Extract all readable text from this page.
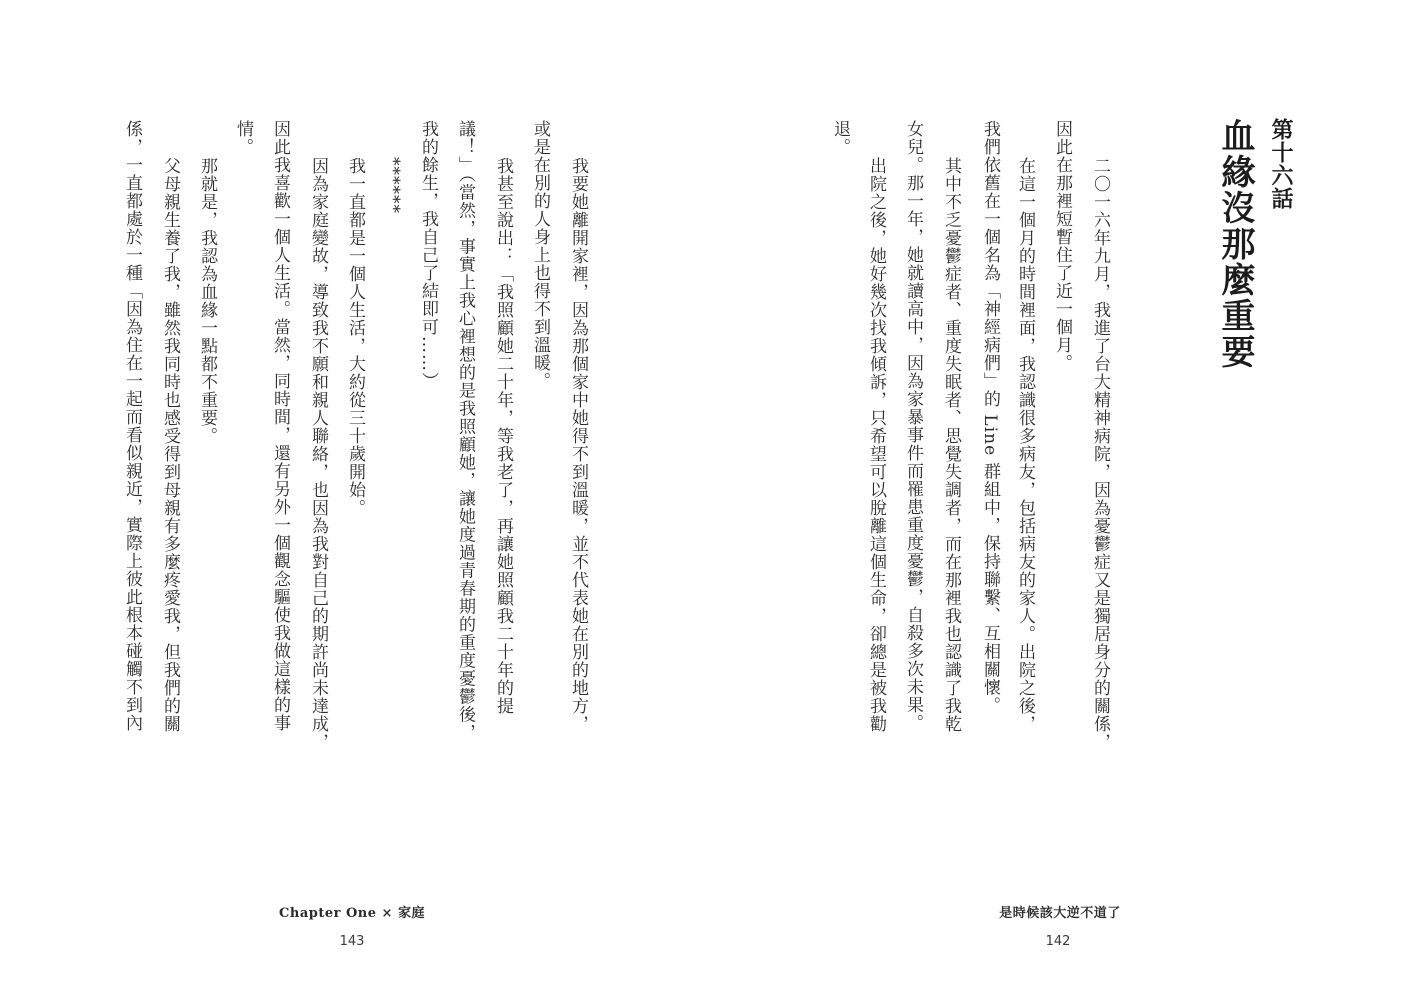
我要她離開家裡，因為那個家中她得不到溫暖，並不代表她在別的地方，
或是在別的人身上也得不到溫暖。
我甚至說出：「我照顧她二十年，等我老了，再讓她照顧我二十年的提
議！」（當然，事實上我心裡想的是我照顧她，讓她度過青春期的重度憂鬱後，
我的餘生，我自己了結即可……）
******
我一直都是一個人生活，大約從三十歲開始。
因為家庭變故，導致我不願和親人聯絡，也因為我對自己的期許尚未達成，
因此我喜歡一個人生活。當然，同時間，還有另外一個觀念驅使我做這樣的事
情。
那就是，我認為血緣一點都不重要。
父母親生養了我，雖然我同時也感受得到母親有多麼疼愛我，但我們的關
係，一直都處於一種「因為住在一起而看似親近，實際上彼此根本碰觸不到內
Chapter One × 家庭
143
第十六話
血緣沒那麼重要
二〇一六年九月，我進了台大精神病院，因為憂鬱症又是獨居身分的關係，
因此在那裡短暫住了近一個月。
在這一個月的時間裡面，我認識很多病友，包括病友的家人。出院之後，
我們依舊在一個名為「神經病們」的 Line 群組中，保持聯繫、互相關懷。
其中不乏憂鬱症者、重度失眠者、思覺失調者，而在那裡我也認識了我乾
女兒。那一年，她就讀高中，因為家暴事件而罹患重度憂鬱，自殺多次未果。
出院之後，她好幾次找我傾訴，只希望可以脫離這個生命，卻總是被我勸
退。
是時候該大逆不道了
142
